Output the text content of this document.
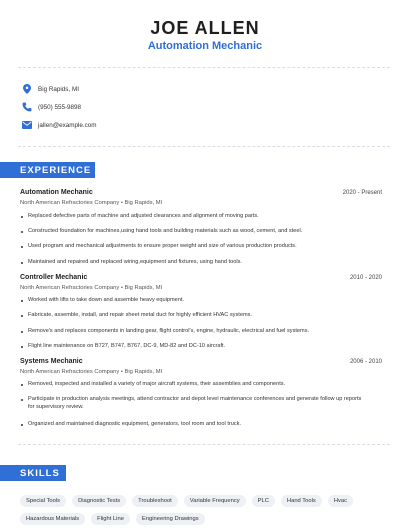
JOE ALLEN
Automation Mechanic
Big Rapids, MI
(950) 555-9898
jallen@example.com
EXPERIENCE
Automation Mechanic	2020 - Present
North American Refractories Company • Big Rapids, MI
Replaced defective parts of machine and adjusted clearances and alignment of moving parts.
Constructed foundation for machines,using hand tools and building materials such as wood, cement, and steel.
Used program and mechanical adjustments to ensure proper weight and size of various production products.
Maintained and repaired and replaced wiring,equipment and fixtures, using hand tools.
Controller Mechanic	2010 - 2020
North American Refractories Company • Big Rapids, MI
Worked with lifts to take down and assemble heavy equipment.
Fabricate, assemble, install, and repair sheet metal duct for highly efficient HVAC systems.
Remove's and replaces components in landing gear, flight control's, engine, hydraulic, electrical and fuel systems.
Flight line maintenance on B727, B747, B767, DC-9, MD-82 and DC-10 aircraft.
Systems Mechanic	2006 - 2010
North American Refractories Company • Big Rapids, MI
Removed, inspected and installed a variety of major aircraft systems, their assemblies and components.
Participate in production analysis meetings, attend contractor and depot level maintenance conferences and generate follow up reports for supervisory review.
Organized and maintained diagnostic equipment, generators, tool room and tool truck.
SKILLS
Special Tools	Diagnostic Tests	Troubleshoot	Variable Frequency	PLC	Hand Tools	Hvac
Hazardous Materials	Flight Line	Engineering Drawings
